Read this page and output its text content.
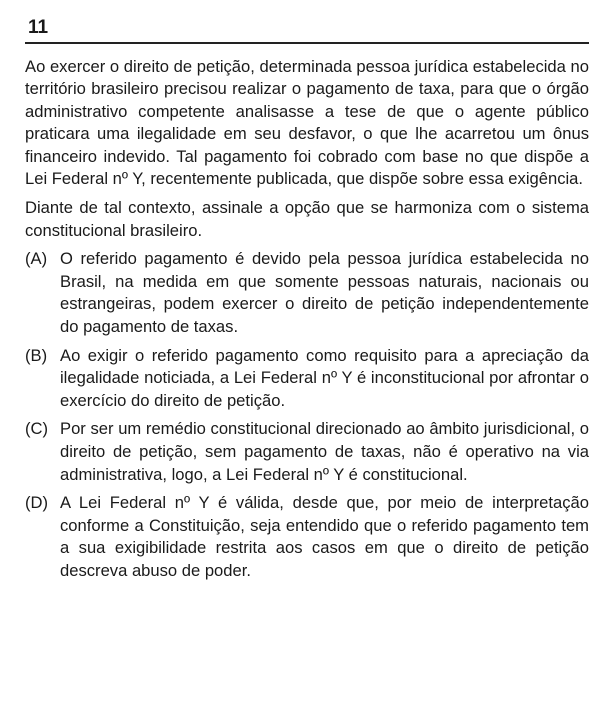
11

Ao exercer o direito de petição, determinada pessoa jurídica estabelecida no território brasileiro precisou realizar o pagamento de taxa, para que o órgão administrativo competente analisasse a tese de que o agente público praticara uma ilegalidade em seu desfavor, o que lhe acarretou um ônus financeiro indevido. Tal pagamento foi cobrado com base no que dispõe a Lei Federal nº Y, recentemente publicada, que dispõe sobre essa exigência.

Diante de tal contexto, assinale a opção que se harmoniza com o sistema constitucional brasileiro.

(A) O referido pagamento é devido pela pessoa jurídica estabelecida no Brasil, na medida em que somente pessoas naturais, nacionais ou estrangeiras, podem exercer o direito de petição independentemente do pagamento de taxas.
(B) Ao exigir o referido pagamento como requisito para a apreciação da ilegalidade noticiada, a Lei Federal nº Y é inconstitucional por afrontar o exercício do direito de petição.
(C) Por ser um remédio constitucional direcionado ao âmbito jurisdicional, o direito de petição, sem pagamento de taxas, não é operativo na via administrativa, logo, a Lei Federal nº Y é constitucional.
(D) A Lei Federal nº Y é válida, desde que, por meio de interpretação conforme a Constituição, seja entendido que o referido pagamento tem a sua exigibilidade restrita aos casos em que o direito de petição descreva abuso de poder.
